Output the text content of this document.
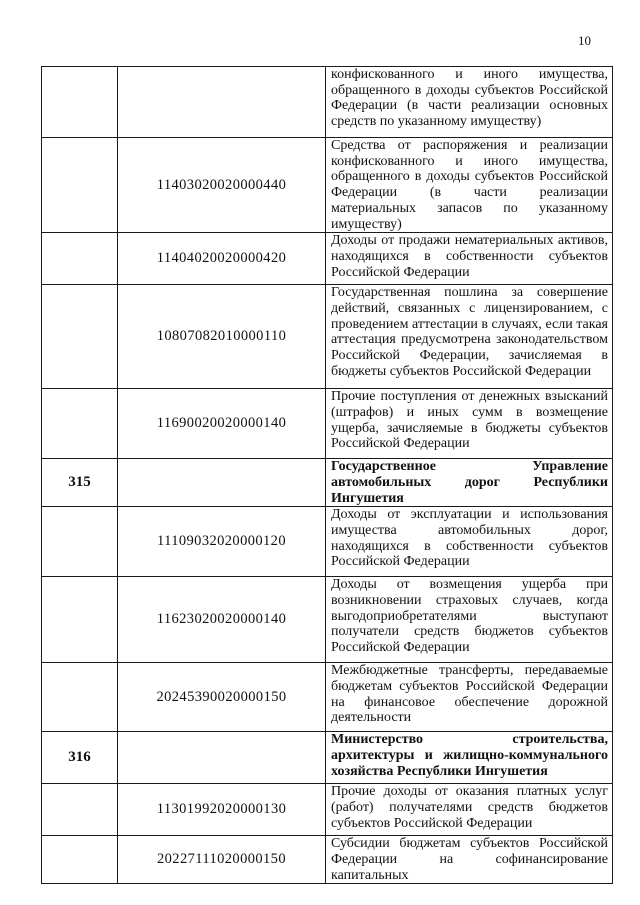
10
		конфискованного и иного имущества, обращенного в доходы субъектов Российской Федерации (в части реализации основных средств по указанному имуществу)
	11403020020000440	Средства от распоряжения и реализации конфискованного и иного имущества, обращенного в доходы субъектов Российской Федерации (в части реализации материальных запасов по указанному имуществу)
	11404020020000420	Доходы от продажи нематериальных активов, находящихся в собственности субъектов Российской Федерации
	10807082010000110	Государственная пошлина за совершение действий, связанных с лицензированием, с проведением аттестации в случаях, если такая аттестация предусмотрена законодательством Российской Федерации, зачисляемая в бюджеты субъектов Российской Федерации
	11690020020000140	Прочие поступления от денежных взысканий (штрафов) и иных сумм в возмещение ущерба, зачисляемые в бюджеты субъектов Российской Федерации
315		Государственное Управление автомобильных дорог Республики Ингушетия
	11109032020000120	Доходы от эксплуатации и использования имущества автомобильных дорог, находящихся в собственности субъектов Российской Федерации
	11623020020000140	Доходы от возмещения ущерба при возникновении страховых случаев, когда выгодоприобретателями выступают получатели средств бюджетов субъектов Российской Федерации
	20245390020000150	Межбюджетные трансферты, передаваемые бюджетам субъектов Российской Федерации на финансовое обеспечение дорожной деятельности
316		Министерство строительства, архитектуры и жилищно-коммунального хозяйства Республики Ингушетия
	11301992020000130	Прочие доходы от оказания платных услуг (работ) получателями средств бюджетов субъектов Российской Федерации
	20227111020000150	Субсидии бюджетам субъектов Российской Федерации на софинансирование капитальных
